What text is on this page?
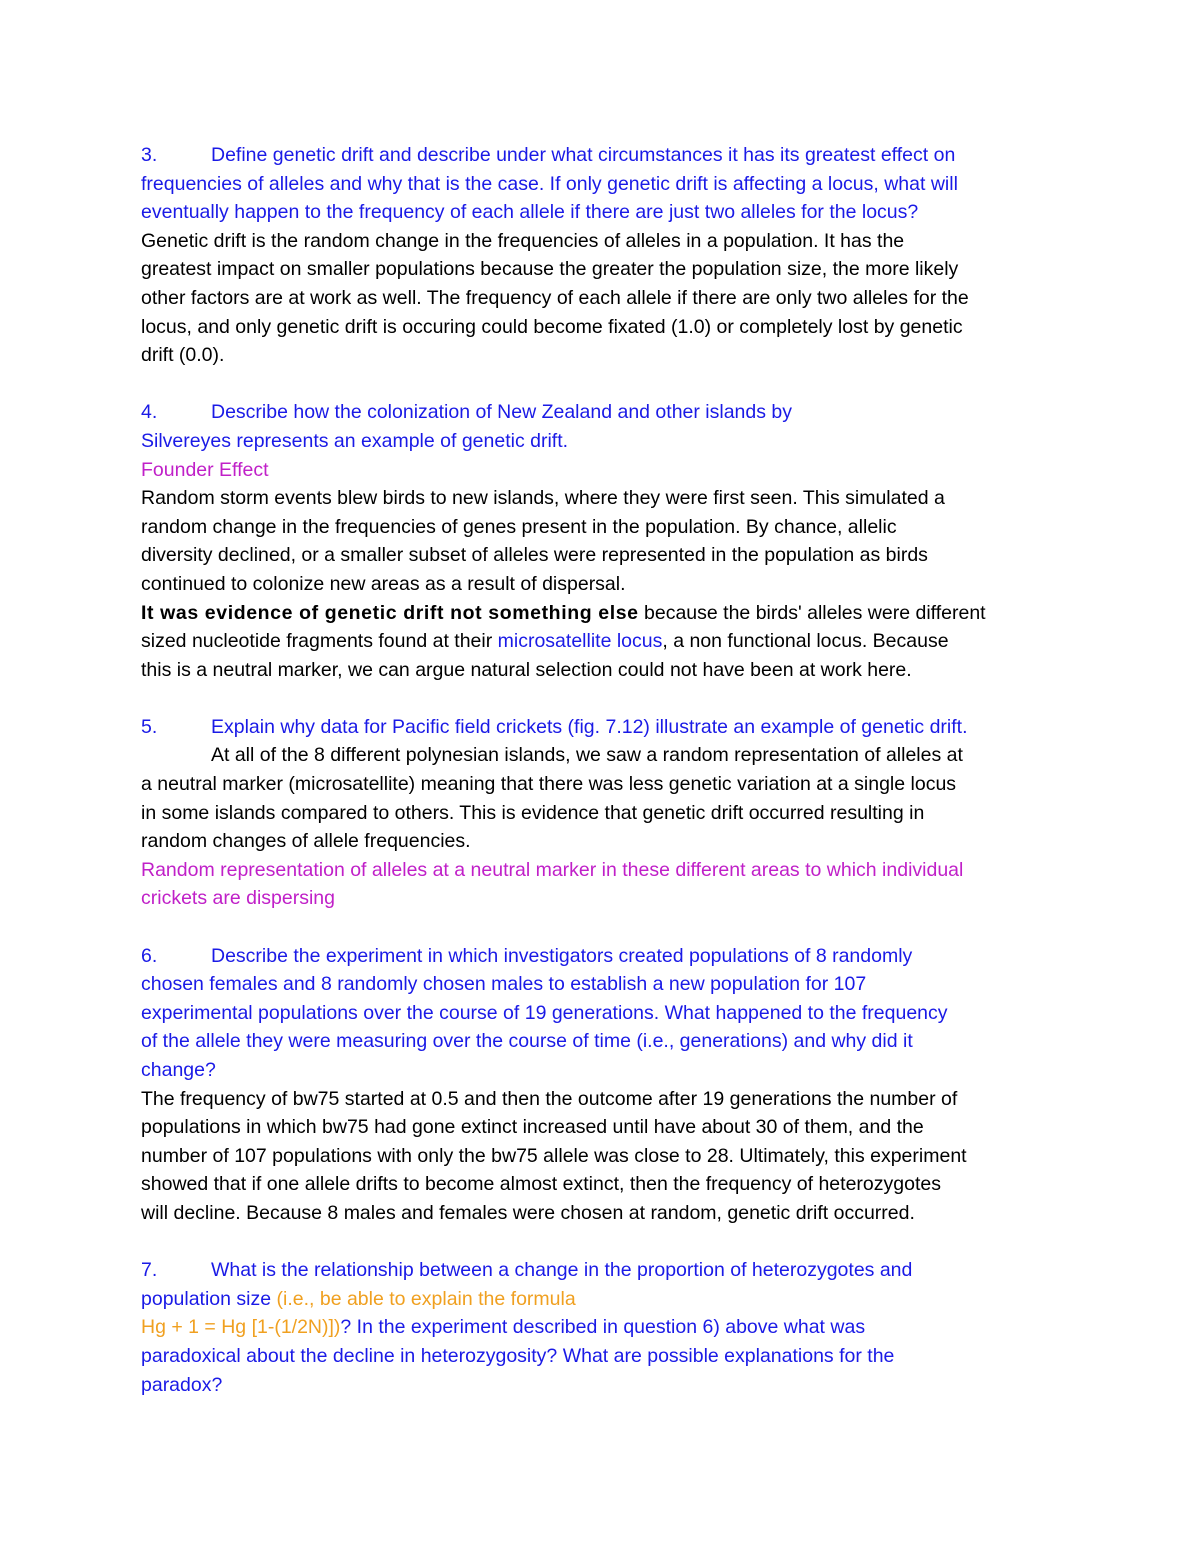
3.	Define genetic drift and describe under what circumstances it has its greatest effect on
frequencies of alleles and why that is the case. If only genetic drift is affecting a locus, what will
eventually happen to the frequency of each allele if there are just two alleles for the locus?
Genetic drift is the random change in the frequencies of alleles in a population. It has the
greatest impact on smaller populations because the greater the population size, the more likely
other factors are at work as well. The frequency of each allele if there are only two alleles for the
locus, and only genetic drift is occuring could become fixated (1.0) or completely lost by genetic
drift (0.0).
4.	Describe how the colonization of New Zealand and other islands by
Silvereyes represents an example of genetic drift.
Founder Effect
Random storm events blew birds to new islands, where they were first seen. This simulated a
random change in the frequencies of genes present in the population. By chance, allelic
diversity declined, or a smaller subset of alleles were represented in the population as birds
continued to colonize new areas as a result of dispersal.
It was evidence of genetic drift not something else because the birds' alleles were different
sized nucleotide fragments found at their microsatellite locus, a non functional locus. Because
this is a neutral marker, we can argue natural selection could not have been at work here.
5.	Explain why data for Pacific field crickets (fig. 7.12) illustrate an example of genetic drift.
At all of the 8 different polynesian islands, we saw a random representation of alleles at
a neutral marker (microsatellite) meaning that there was less genetic variation at a single locus
in some islands compared to others. This is evidence that genetic drift occurred resulting in
random changes of allele frequencies.
Random representation of alleles at a neutral marker in these different areas to which individual
crickets are dispersing
6.	Describe the experiment in which investigators created populations of 8 randomly
chosen females and 8 randomly chosen males to establish a new population for 107
experimental populations over the course of 19 generations. What happened to the frequency
of the allele they were measuring over the course of time (i.e., generations) and why did it
change?
The frequency of bw75 started at 0.5 and then the outcome after 19 generations the number of
populations in which bw75 had gone extinct increased until have about 30 of them, and the
number of 107 populations with only the bw75 allele was close to 28. Ultimately, this experiment
showed that if one allele drifts to become almost extinct, then the frequency of heterozygotes
will decline. Because 8 males and females were chosen at random, genetic drift occurred.
7.	What is the relationship between a change in the proportion of heterozygotes and
population size (i.e., be able to explain the formula
Hg + 1 = Hg [1-(1/2N)])? In the experiment described in question 6) above what was
paradoxical about the decline in heterozygosity? What are possible explanations for the
paradox?
